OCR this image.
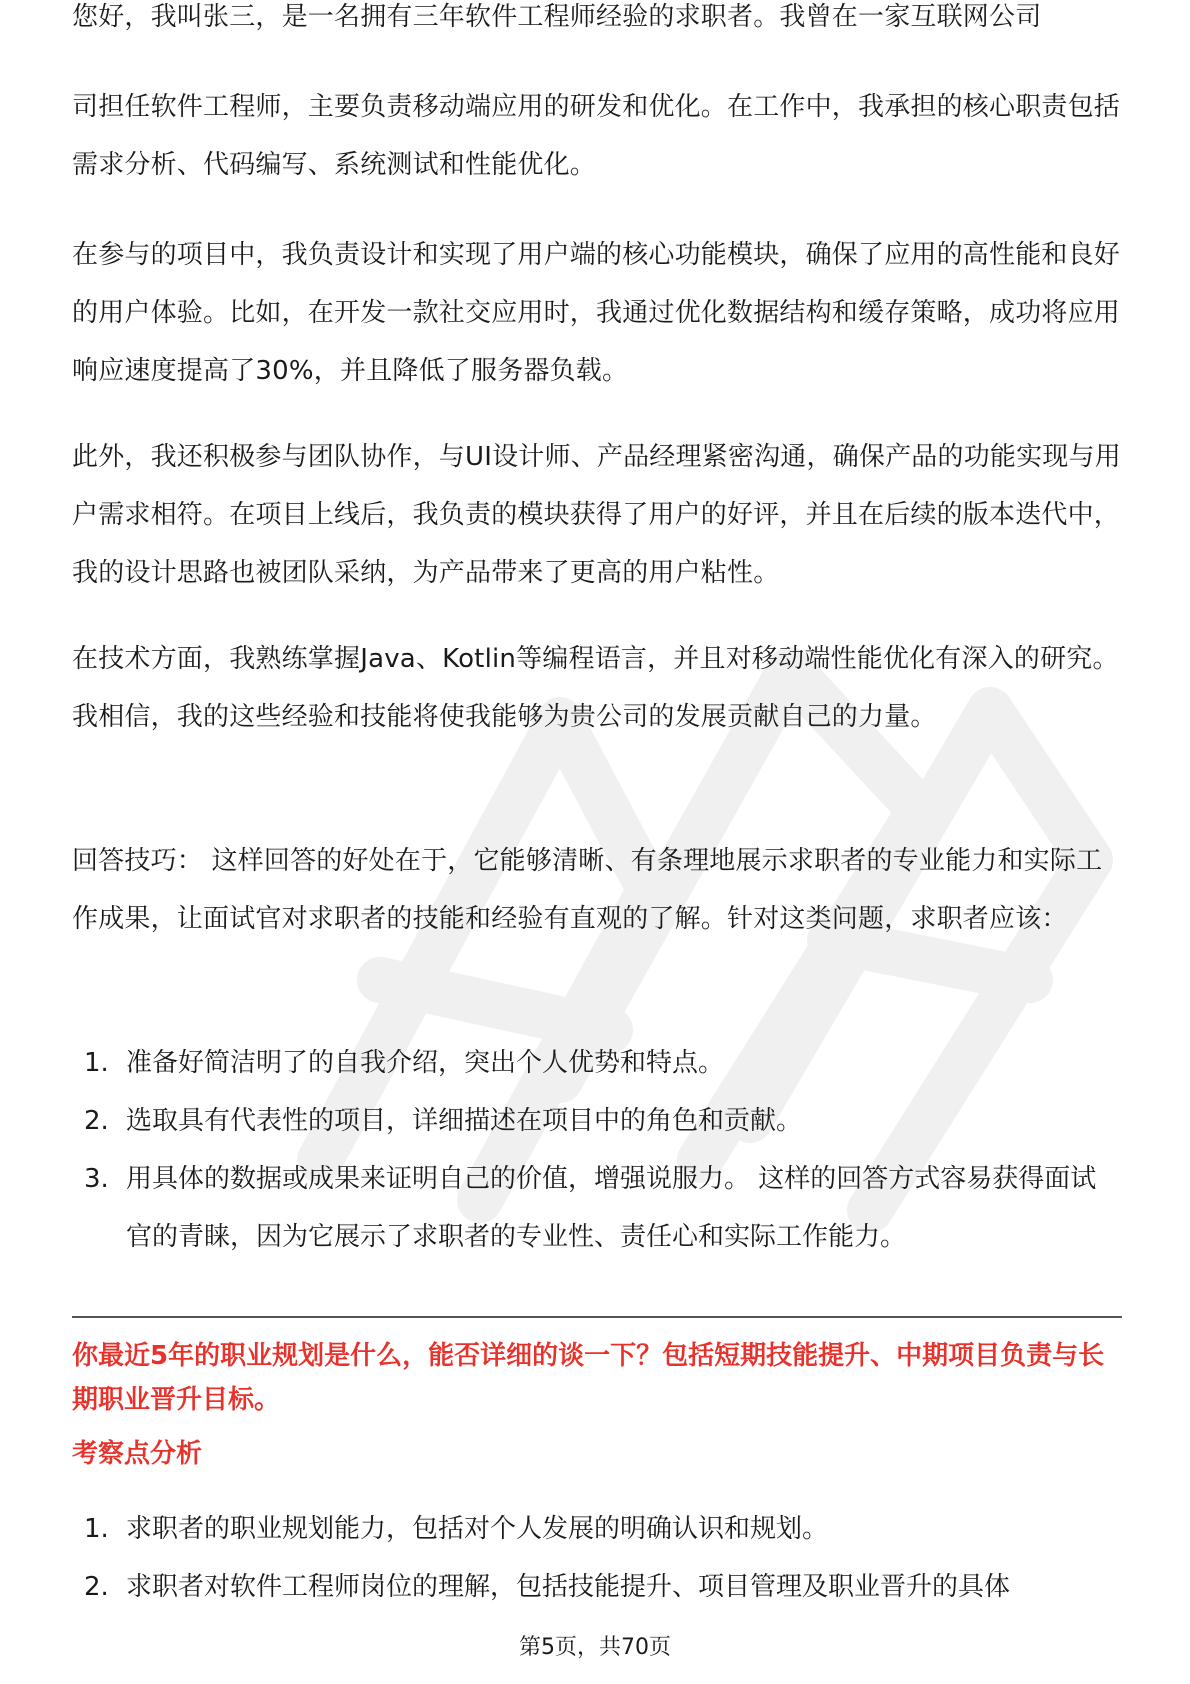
您好，我叫张三，是一名拥有三年软件工程师经验的求职者。我曾在一家互联网公司

司担任软件工程师，主要负责移动端应用的研发和优化。在工作中，我承担的核心职责包括需求分析、代码编写、系统测试和性能优化。

在参与的项目中，我负责设计和实现了用户端的核心功能模块，确保了应用的高性能和良好的用户体验。比如，在开发一款社交应用时，我通过优化数据结构和缓存策略，成功将应用响应速度提高了30%，并且降低了服务器负载。

此外，我还积极参与团队协作，与UI设计师、产品经理紧密沟通，确保产品的功能实现与用户需求相符。在项目上线后，我负责的模块获得了用户的好评，并且在后续的版本迭代中，我的设计思路也被团队采纳，为产品带来了更高的用户粘性。

在技术方面，我熟练掌握Java、Kotlin等编程语言，并且对移动端性能优化有深入的研究。我相信，我的这些经验和技能将使我能够为贵公司的发展贡献自己的力量。

回答技巧： 这样回答的好处在于，它能够清晰、有条理地展示求职者的专业能力和实际工作成果，让面试官对求职者的技能和经验有直观的了解。针对这类问题，求职者应该：

1. 准备好简洁明了的自我介绍，突出个人优势和特点。
2. 选取具有代表性的项目，详细描述在项目中的角色和贡献。
3. 用具体的数据或成果来证明自己的价值，增强说服力。 这样的回答方式容易获得面试官的青睐，因为它展示了求职者的专业性、责任心和实际工作能力。

你最近5年的职业规划是什么，能否详细的谈一下？包括短期技能提升、中期项目负责与长期职业晋升目标。

考察点分析

1. 求职者的职业规划能力，包括对个人发展的明确认识和规划。
2. 求职者对软件工程师岗位的理解，包括技能提升、项目管理及职业晋升的具体
第5页，共70页
